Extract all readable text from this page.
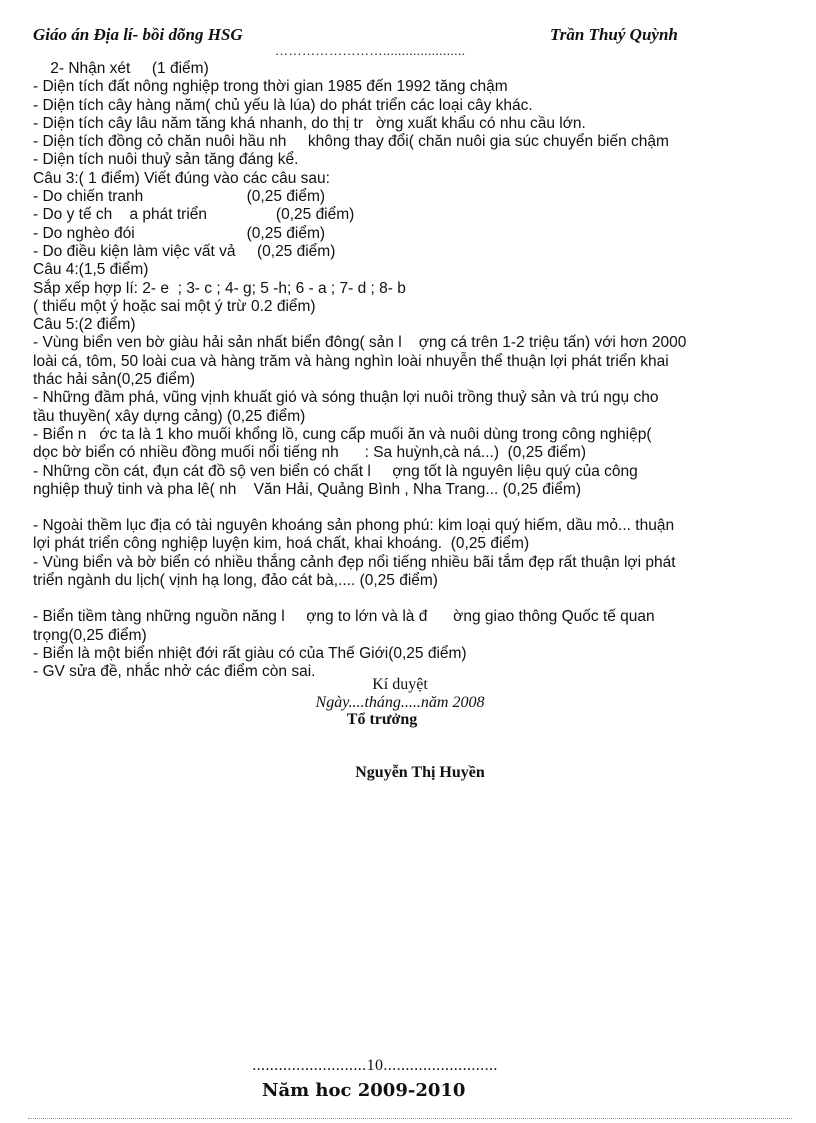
Giáo án Địa lí- bồi dõng HSG	Trần Thuý Quỳnh
……………………......................

2- Nhận xét     (1 điểm)

- Diện tích đất nông nghiệp trong thời gian 1985 đến 1992 tăng chậm

- Diện tích cây hàng năm( chủ yếu là lúa) do phát triển các loại cây khác.

- Diện tích cây lâu năm tăng khá nhanh, do thị tr   ờng xuất khẩu có nhu cầu lớn.

- Diện tích đồng cỏ chăn nuôi hầu nh     không thay đổi( chăn nuôi gia súc chuyển biến chậm

- Diện tích nuôi thuỷ sản tăng đáng kể.

Câu 3:( 1 điểm) Viết đúng vào các câu sau:

- Do chiến tranh                        (0,25 điểm)

- Do y tế ch    a phát triển                (0,25 điểm)

- Do nghèo đói                          (0,25 điểm)

- Do điều kiện làm việc vất vả     (0,25 điểm)

Câu 4:(1,5 điểm)

Sắp xếp hợp lí: 2- e  ; 3- c ; 4- g; 5 -h; 6 - a ; 7- d ; 8- b

( thiếu một ý hoặc sai một ý trừ 0.2 điểm)

Câu 5:(2 điểm)

- Vùng biển ven bờ giàu hải sản nhất biển đông( sản l    ợng cá trên 1-2 triệu tấn) với hơn 2000

loài cá, tôm, 50 loài cua và hàng trăm và hàng nghìn loài nhuyễn thể thuận lợi phát triển khai

thác hải sản(0,25 điểm)

- Những đầm phá, vũng vịnh khuất gió và sóng thuận lợi nuôi trồng thuỷ sản và trú ngụ cho

tầu thuyền( xây dựng cảng) (0,25 điểm)

- Biển n   ớc ta là 1 kho muối khổng lồ, cung cấp muối ăn và nuôi dùng trong công nghiệp(

dọc bờ biển có nhiều đồng muối nổi tiếng nh      : Sa huỳnh,cà ná...)  (0,25 điểm)

- Những cồn cát, đụn cát đồ sộ ven biển có chất l     ợng tốt là nguyên liệu quý của công

nghiệp thuỷ tinh và pha lê( nh    Văn Hải, Quảng Bình , Nha Trang... (0,25 điểm)

- Ngoài thềm lục địa có tài nguyên khoáng sản phong phú: kim loại quý hiếm, dầu mỏ... thuận

lợi phát triển công nghiệp luyện kim, hoá chất, khai khoáng.  (0,25 điểm)

- Vùng biển và bờ biển có nhiều thắng cảnh đẹp nổi tiếng nhiều bãi tắm đẹp rất thuận lợi phát

triển ngành du lịch( vịnh hạ long, đảo cát bà,.... (0,25 điểm)

- Biển tiềm tàng những nguồn năng l     ợng to lớn và là đ      ờng giao thông Quốc tế quan

trọng(0,25 điểm)

- Biển là một biển nhiệt đới rất giàu có của Thế Giới(0,25 điểm)

- GV sửa đề, nhắc nhở các điểm còn sai.

Kí duyệt
Ngày....tháng.....năm 2008
Tổ trưởng
Nguyễn Thị Huyền
..........................10..........................
Năm hoc 2009-2010
